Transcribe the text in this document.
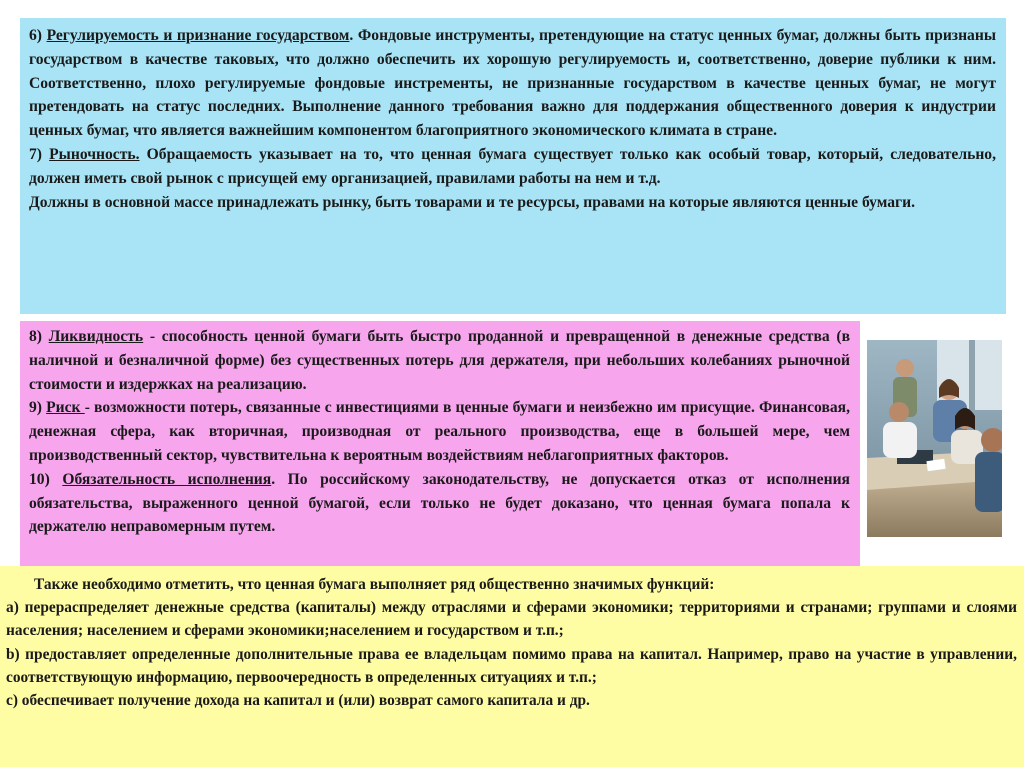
6) Регулируемость и признание государством. Фондовые инструменты, претендующие на статус ценных бумаг, должны быть признаны государством в качестве таковых, что должно обеспечить их хорошую регулируемость и, соответственно, доверие публики к ним. Соответственно, плохо регулируемые фондовые инстременты, не признанные государством в качестве ценных бумаг, не могут претендовать на статус последних. Выполнение данного требования важно для поддержания общественного доверия к индустрии ценных бумаг, что является важнейшим компонентом благоприятного экономического климата в стране.

7) Рыночность. Обращаемость указывает на то, что ценная бумага существует только как особый товар, который, следовательно, должен иметь свой рынок с присущей ему организацией, правилами работы на нем и т.д.

Должны в основной массе принадлежать рынку, быть товарами и те ресурсы, правами на которые являются ценные бумаги.

8) Ликвидность - способность ценной бумаги быть быстро проданной и превращенной в денежные средства (в наличной и безналичной форме) без существенных потерь для держателя, при небольших колебаниях рыночной стоимости и издержках на реализацию.

9) Риск - возможности потерь, связанные с инвестициями в ценные бумаги и неизбежно им присущие. Финансовая, денежная сфера, как вторичная, производная от реального производства, еще в большей мере, чем производственный сектор, чувствительна к вероятным воздействиям неблагоприятных факторов.

10) Обязательность исполнения. По российскому законодательству, не допускается отказ от исполнения обязательства, выраженного ценной бумагой, если только не будет доказано, что ценная бумага попала к держателю неправомерным путем.

Также необходимо отметить, что ценная бумага выполняет ряд общественно значимых функций:

а) перераспределяет денежные средства (капиталы) между отраслями и сферами экономики; территориями и странами; группами и слоями населения; населением и сферами экономики;населением и государством и т.п.;

b) предоставляет определенные дополнительные права ее владельцам помимо права на капитал. Например, право на участие в управлении, соответствующую информацию, первоочередность в определенных ситуациях и т.п.;

c) обеспечивает получение дохода на капитал и (или) возврат самого капитала и др.
